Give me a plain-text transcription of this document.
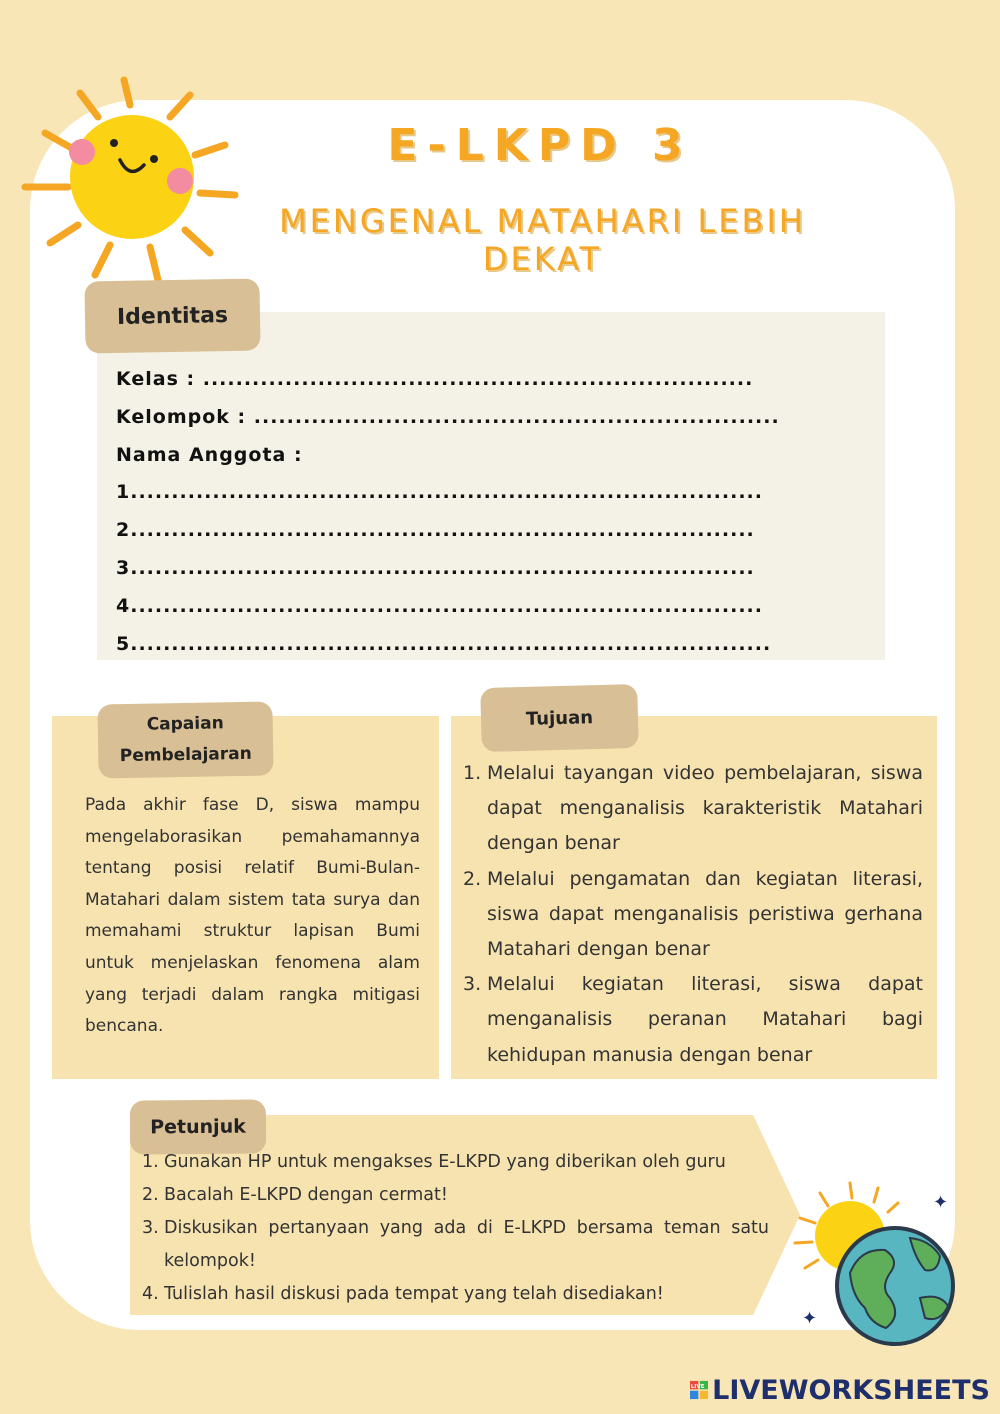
E-LKPD 3
MENGENAL MATAHARI LEBIH DEKAT
Identitas
Kelas : ...................................................................
Kelompok : ................................................................
Nama Anggota :
1.............................................................................
2............................................................................
3............................................................................
4.............................................................................
5..............................................................................
Capaian
Pembelajaran
Pada akhir fase D, siswa mampu mengelaborasikan pemahamannya tentang posisi relatif Bumi-Bulan-Matahari dalam sistem tata surya dan memahami struktur lapisan Bumi untuk menjelaskan fenomena alam yang terjadi dalam rangka mitigasi bencana.
Tujuan
1. Melalui tayangan video pembelajaran, siswa dapat menganalisis karakteristik Matahari dengan benar
2. Melalui pengamatan dan kegiatan literasi, siswa dapat menganalisis peristiwa gerhana Matahari dengan benar
3. Melalui kegiatan literasi, siswa dapat menganalisis peranan Matahari bagi kehidupan manusia dengan benar
Petunjuk
1. Gunakan HP untuk mengakses E-LKPD yang diberikan oleh guru
2. Bacalah E-LKPD dengan cermat!
3. Diskusikan pertanyaan yang ada di E-LKPD bersama teman satu kelompok!
4. Tulislah hasil diskusi pada tempat yang telah disediakan!
✦
✦
LIVE LIVEWORKSHEETS
